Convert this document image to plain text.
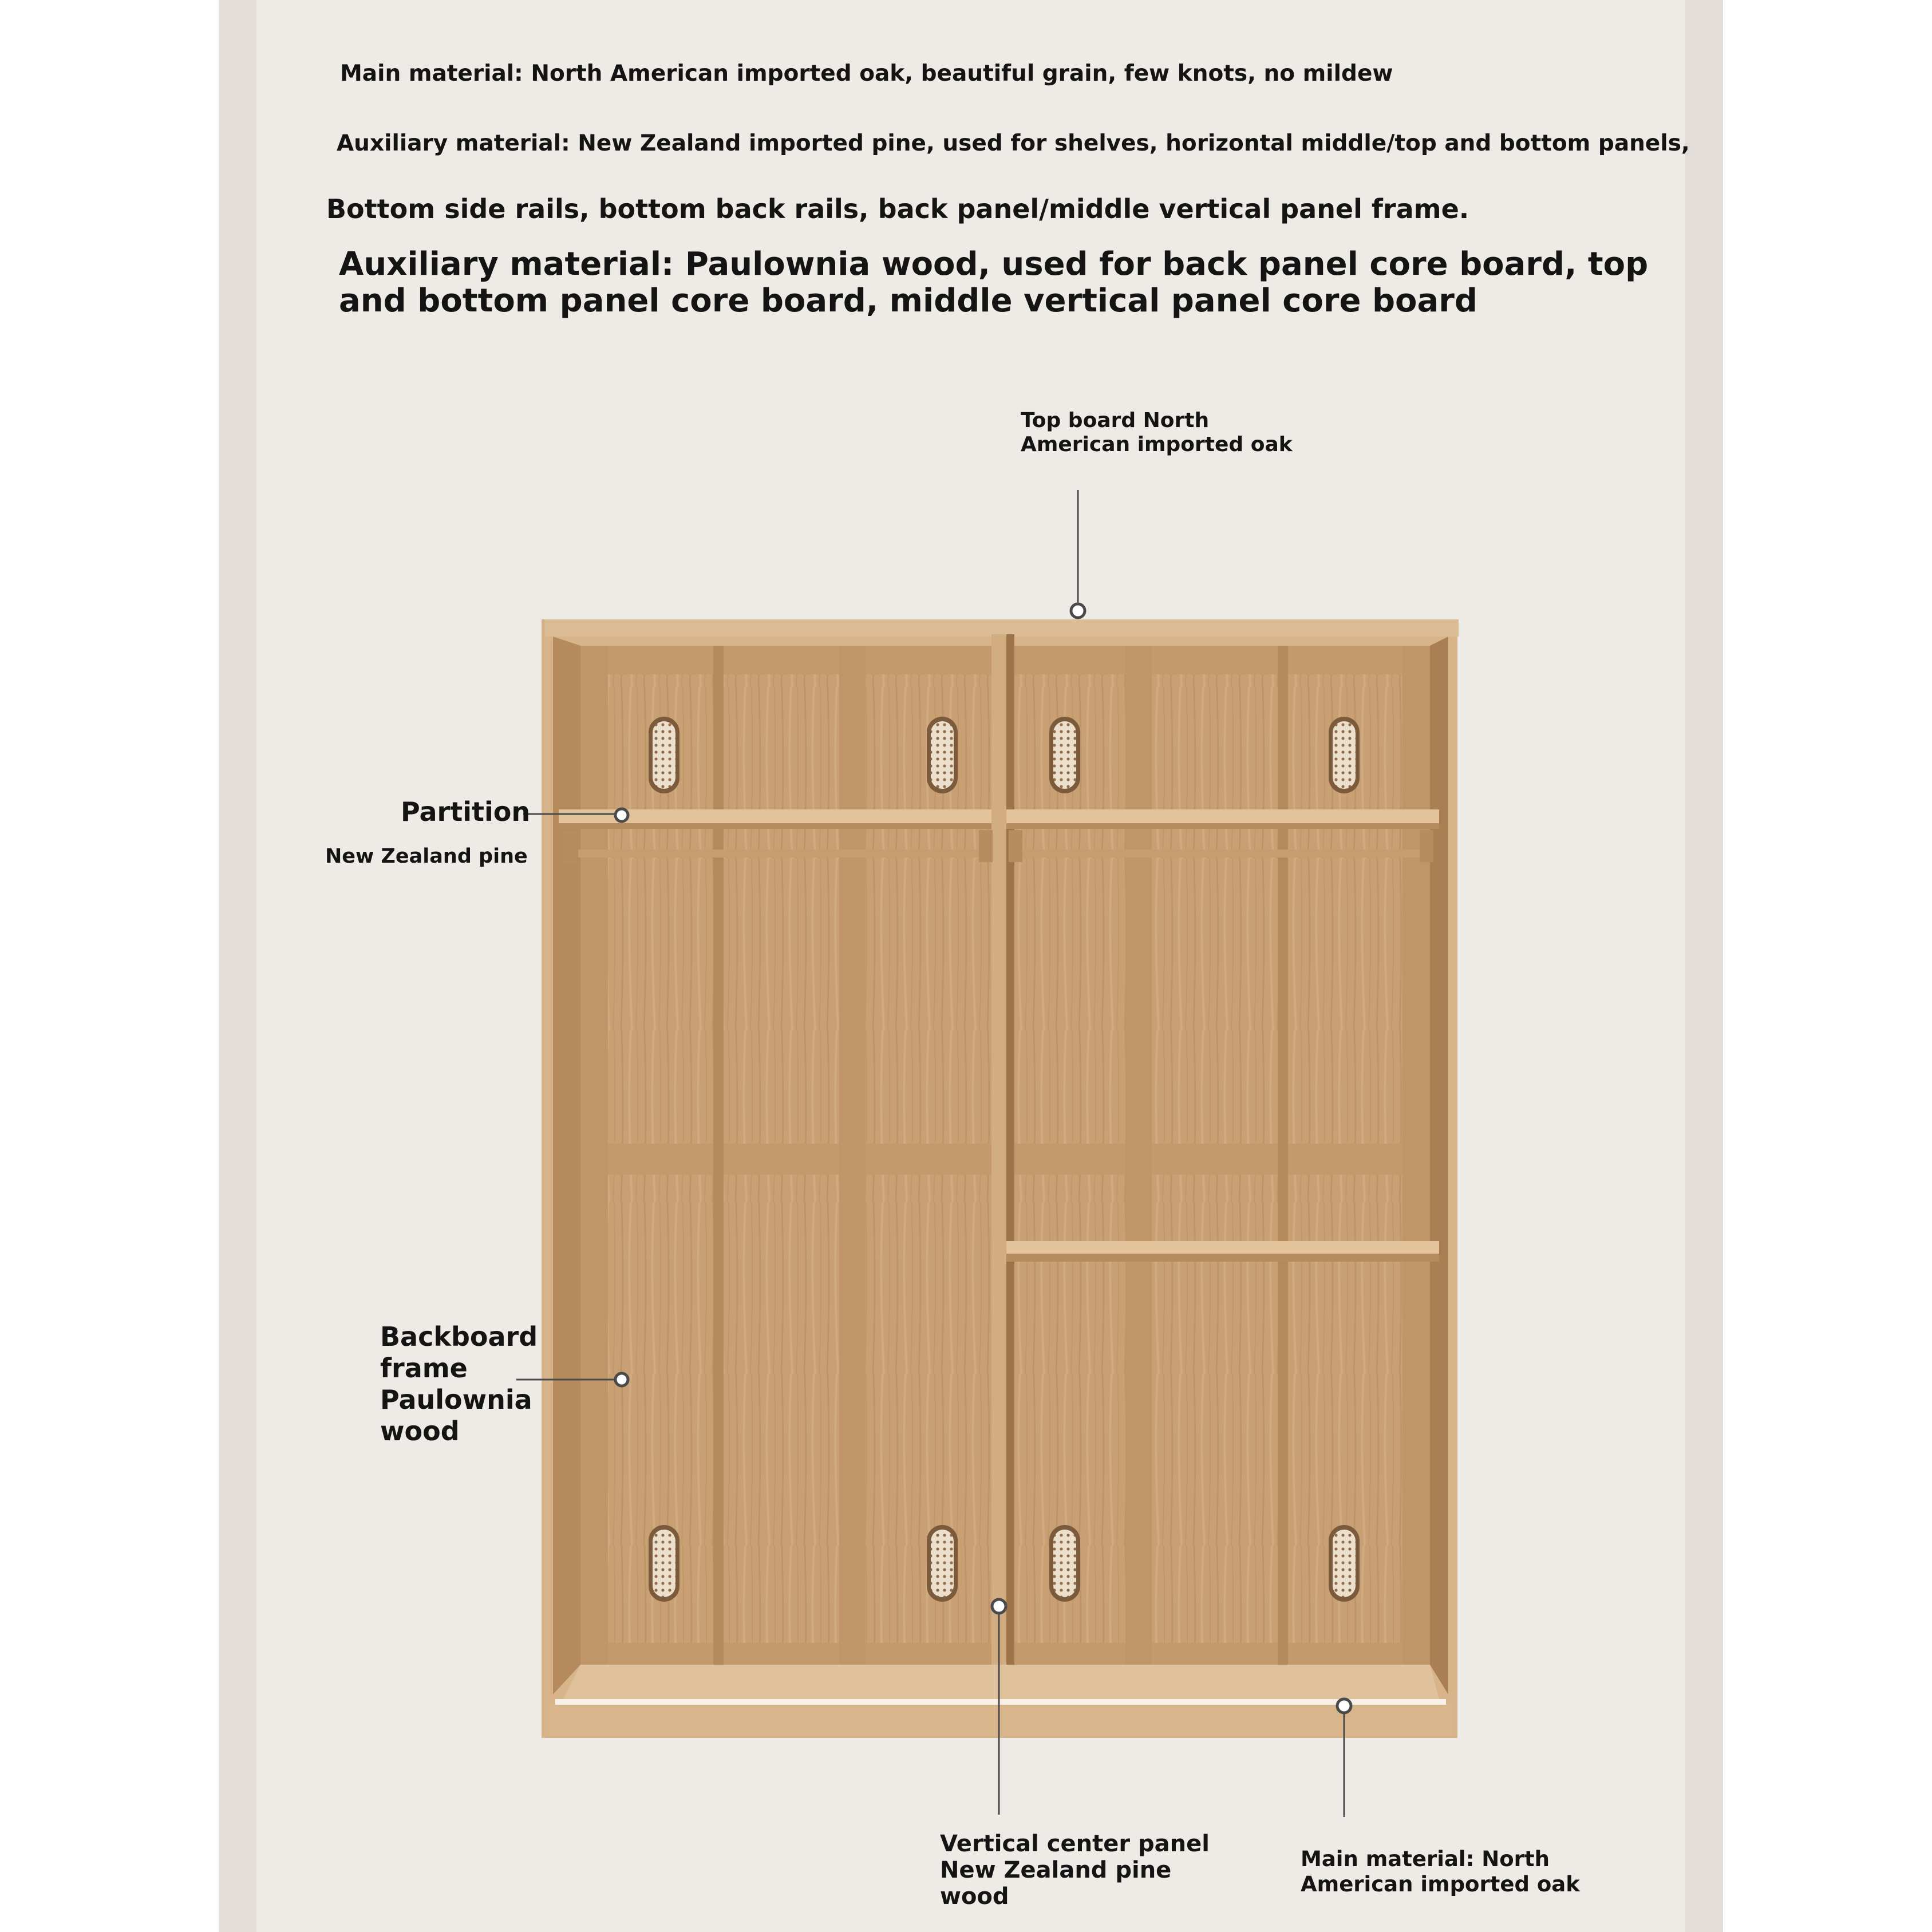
Main material: North American imported oak, beautiful grain, few knots, no mildew
Auxiliary material: New Zealand imported pine, used for shelves, horizontal middle/top and bottom panels,
Bottom side rails, bottom back rails, back panel/middle vertical panel frame.
Auxiliary material: Paulownia wood, used for back panel core board, top and bottom panel core board, middle vertical panel core board
Top board North American imported oak
Partition
New Zealand pine
Backboard frame Paulownia wood
Vertical center panel New Zealand pine wood
Main material: North American imported oak
